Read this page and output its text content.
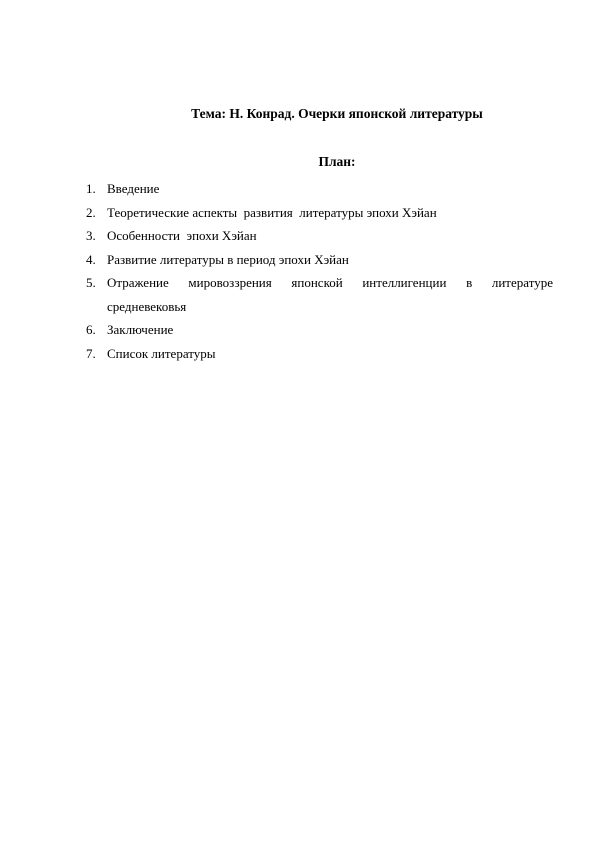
Тема: Н. Конрад. Очерки японской литературы
План:
1. Введение
2. Теоретические аспекты  развития  литературы эпохи Хэйан
3. Особенности  эпохи Хэйан
4. Развитие литературы в период эпохи Хэйан
5. Отражение мировоззрения японской интеллигенции в литературе
средневековья
6. Заключение
7. Список литературы
